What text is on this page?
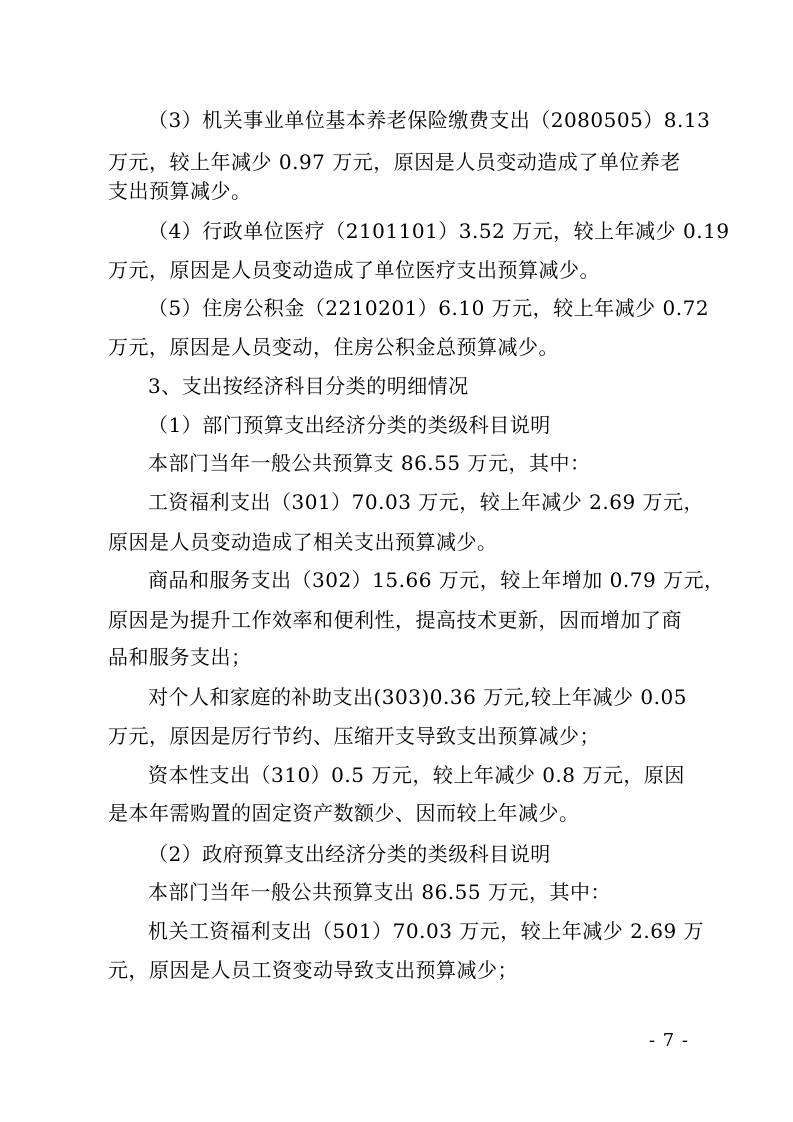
（3）机关事业单位基本养老保险缴费支出（2080505）8.13
万元，较上年减少 0.97 万元，原因是人员变动造成了单位养老
支出预算减少。
（4）行政单位医疗（2101101）3.52 万元，较上年减少 0.19
万元，原因是人员变动造成了单位医疗支出预算减少。
（5）住房公积金（2210201）6.10 万元，较上年减少 0.72
万元，原因是人员变动，住房公积金总预算减少。
3、支出按经济科目分类的明细情况
（1）部门预算支出经济分类的类级科目说明
本部门当年一般公共预算支 86.55 万元，其中：
工资福利支出（301）70.03 万元，较上年减少 2.69 万元，
原因是人员变动造成了相关支出预算减少。
商品和服务支出（302）15.66 万元，较上年增加 0.79 万元，
原因是为提升工作效率和便利性，提高技术更新，因而增加了商
品和服务支出；
对个人和家庭的补助支出(303)0.36 万元,较上年减少 0.05
万元，原因是厉行节约、压缩开支导致支出预算减少；
资本性支出（310）0.5 万元，较上年减少 0.8 万元，原因
是本年需购置的固定资产数额少、因而较上年减少。
（2）政府预算支出经济分类的类级科目说明
本部门当年一般公共预算支出 86.55 万元，其中：
机关工资福利支出（501）70.03 万元，较上年减少 2.69 万
元，原因是人员工资变动导致支出预算减少；
- 7 -
